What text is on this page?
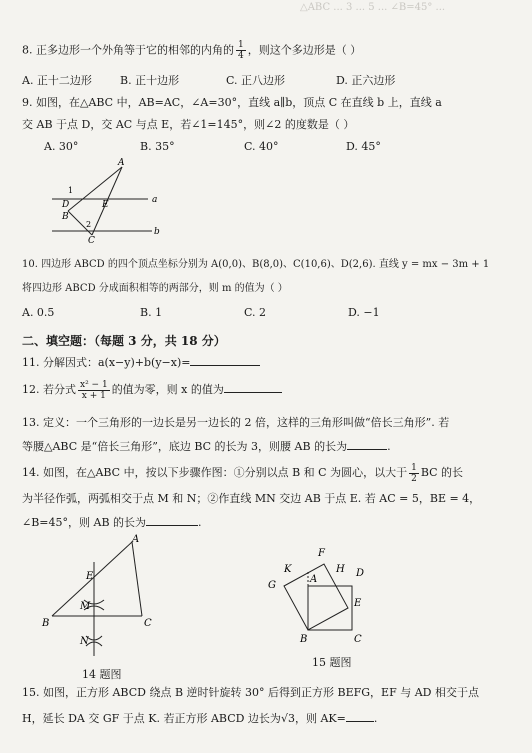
△ABC ... 3 ... 5 ... ∠B=45° ...
8. 正多边形一个外角等于它的相邻的内角的 $\frac{1}{4}$ ，则这个多边形是（ ）
A. 正十二边形	B. 正十边形	C. 正八边形	D. 正六边形
9. 如图，在△ABC 中，AB=AC，∠A=30°，直线 a∥b，顶点 C 在直线 b 上，直线 a
交 AB 于点 D，交 AC 与点 E，若∠1=145°，则∠2 的度数是（ ）
A. 30°	B. 35°	C. 40°	D. 45°
A
1
D	E
B
2
C
a
b
10. 四边形 ABCD 的四个顶点坐标分别为 A(0,0)、B(8,0)、C(10,6)、D(2,6). 直线 y = mx − 3m + 1
将四边形 ABCD 分成面积相等的两部分，则 m 的值为（ ）
A. 0.5	B. 1	C. 2	D. −1
二、填空题：（每题 3 分，共 18 分）
11. 分解因式：a(x−y)+b(y−x)=
12. 若分式 $\frac{\text{x² − 1}}{x + 1}$ 的值为零，则 x 的值为
13. 定义：一个三角形的一边长是另一边长的 2 倍，这样的三角形叫做“倍长三角形”. 若
等腰△ABC 是“倍长三角形”，底边 BC 的长为 3，则腰 AB 的长为	.
14. 如图，在△ABC 中，按以下步骤作图：①分别以点 B 和 C 为圆心，以大于 $\frac{1}{2}$ BC 的长
为半径作弧，两弧相交于点 M 和 N；②作直线 MN 交边 AB 于点 E. 若 AC = 5，BE = 4，
∠B=45°，则 AB 的长为	.
A
E
M
B	C
N
14 题图
F
K
G
H D
A
E
B	C
15 题图
15. 如图，正方形 ABCD 绕点 B 逆时针旋转 30° 后得到正方形 BEFG，EF 与 AD 相交于点
H，延长 DA 交 GF 于点 K. 若正方形 ABCD 边长为√3，则 AK=	.
